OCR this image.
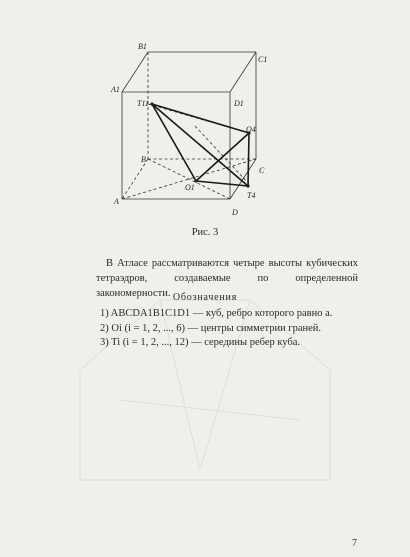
B1
C1
A1
T11	D1
O4
B
C
O1
T4
A
D
Рис. 3
В Атласе рассматриваются четыре высоты кубических тетраэдров, создаваемые по определенной закономерности. Обозначения
1) ABCDA1B1C1D1 — куб, ребро которого равно a.
2) Oi (i = 1, 2, ..., 6) — центры симметрии граней.
3) Ti (i = 1, 2, ..., 12) — середины ребер куба.
7
